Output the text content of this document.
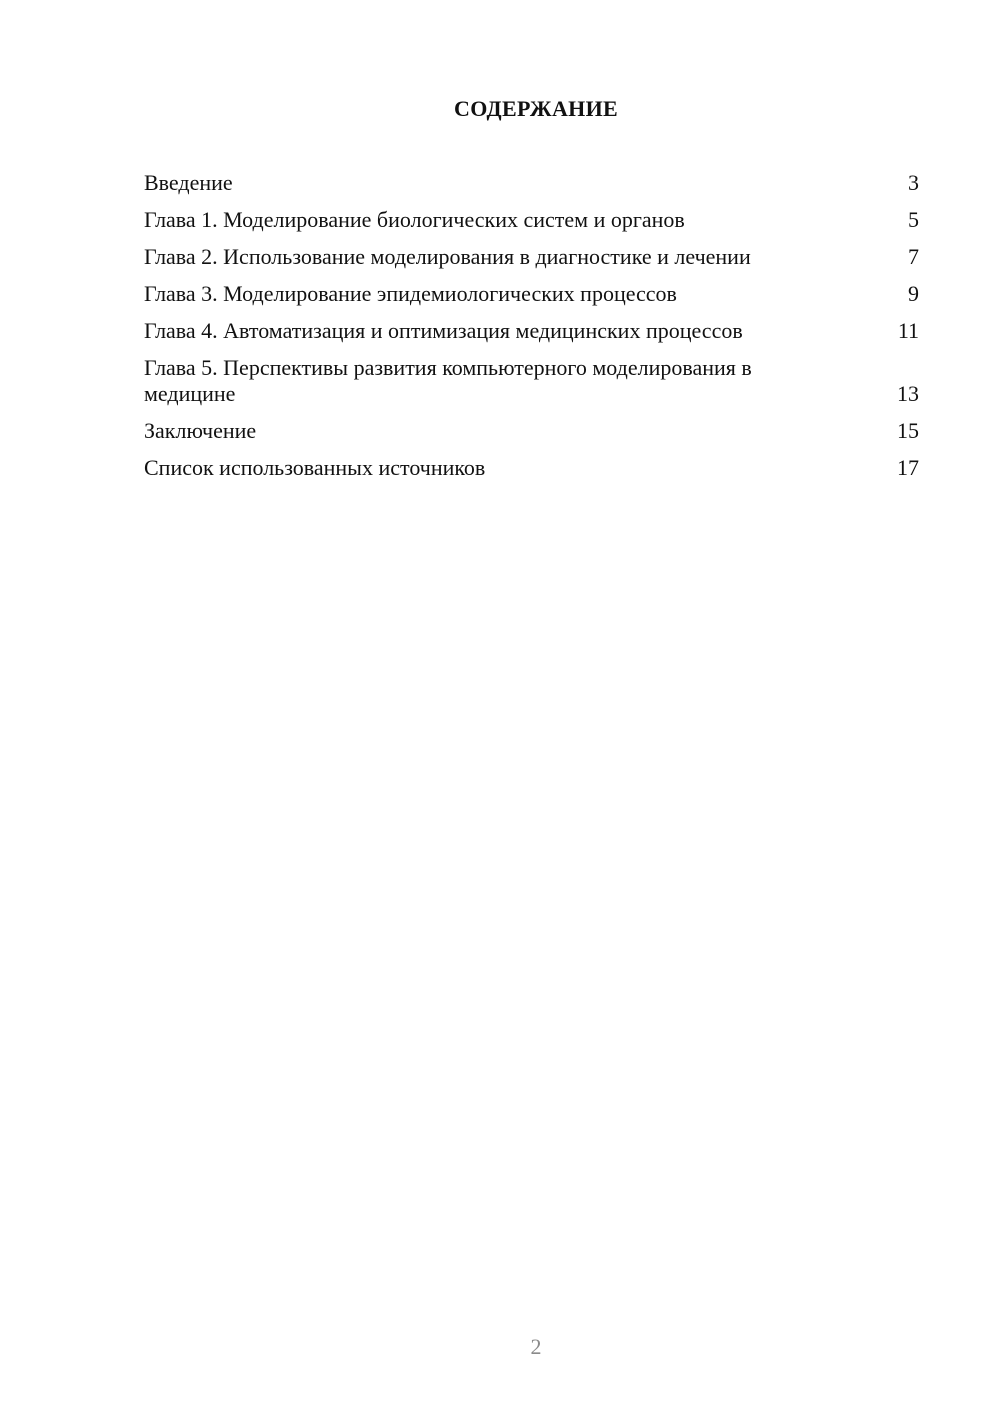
СОДЕРЖАНИЕ
Введение	3
Глава 1. Моделирование биологических систем и органов	5
Глава 2. Использование моделирования в диагностике и лечении	7
Глава 3. Моделирование эпидемиологических процессов	9
Глава 4. Автоматизация и оптимизация медицинских процессов	11
Глава 5. Перспективы развития компьютерного моделирования в медицине	13
Заключение	15
Список использованных источников	17
2
